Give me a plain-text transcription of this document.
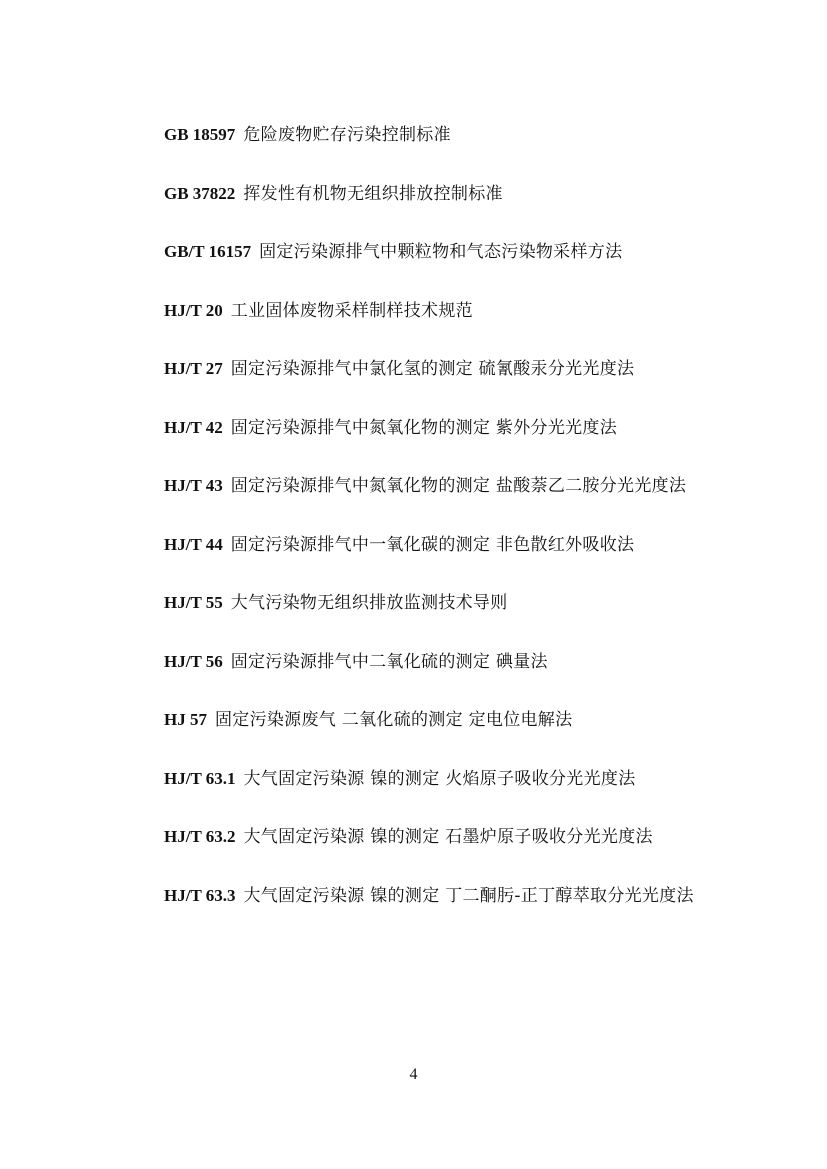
GB 18597 危险废物贮存污染控制标准

GB 37822 挥发性有机物无组织排放控制标准

GB/T 16157 固定污染源排气中颗粒物和气态污染物采样方法

HJ/T 20 工业固体废物采样制样技术规范

HJ/T 27 固定污染源排气中氯化氢的测定 硫氰酸汞分光光度法

HJ/T 42 固定污染源排气中氮氧化物的测定 紫外分光光度法

HJ/T 43 固定污染源排气中氮氧化物的测定 盐酸萘乙二胺分光光度法

HJ/T 44 固定污染源排气中一氧化碳的测定 非色散红外吸收法

HJ/T 55 大气污染物无组织排放监测技术导则

HJ/T 56 固定污染源排气中二氧化硫的测定 碘量法

HJ 57 固定污染源废气 二氧化硫的测定 定电位电解法

HJ/T 63.1 大气固定污染源 镍的测定 火焰原子吸收分光光度法

HJ/T 63.2 大气固定污染源 镍的测定 石墨炉原子吸收分光光度法

HJ/T 63.3 大气固定污染源 镍的测定 丁二酮肟-正丁醇萃取分光光度法

4
